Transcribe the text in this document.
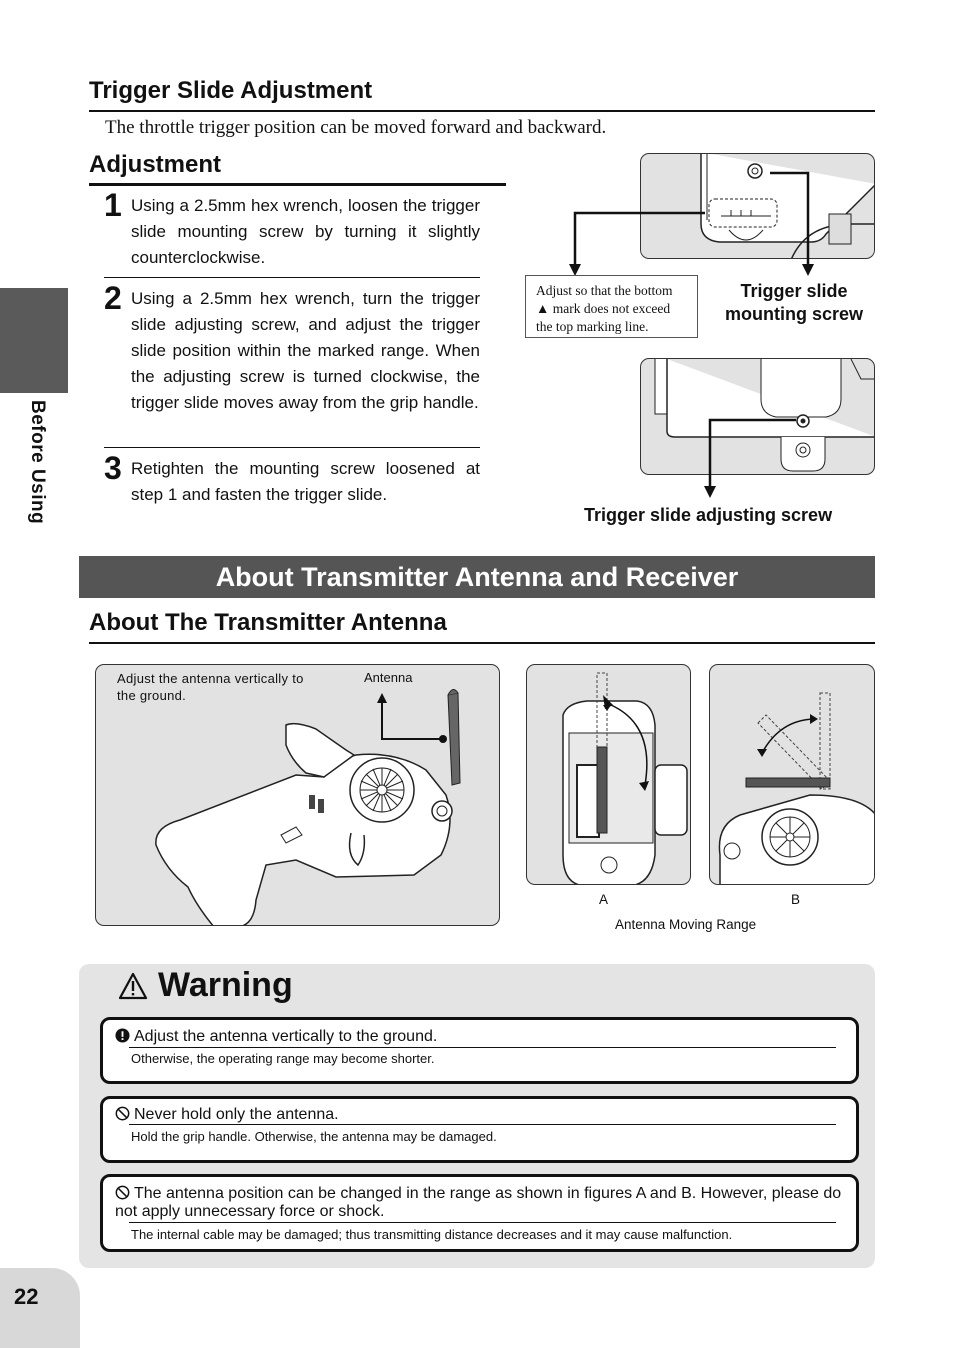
Before Using
Trigger Slide Adjustment

The throttle trigger position can be moved forward and backward.

Adjustment
1 Using a 2.5mm hex wrench, loosen the trigger slide mounting screw by turning it slightly counterclockwise.
2 Using a 2.5mm hex wrench, turn the trigger slide adjusting screw, and adjust the trigger slide position within the marked range. When the adjusting screw is turned clockwise, the trigger slide moves away from the grip handle.
3 Retighten the mounting screw loosened at step 1 and fasten the trigger slide.
Adjust so that the bottom ▲ mark does not exceed the top marking line.
Trigger slide mounting screw
Trigger slide adjusting screw
About Transmitter Antenna and Receiver
About The Transmitter Antenna
Adjust the antenna vertically to the ground.
Antenna
A	B
Antenna Moving Range
Warning
Adjust the antenna vertically to the ground.
Otherwise, the operating range may become shorter.
Never hold only the antenna.
Hold the grip handle. Otherwise, the antenna may be damaged.
The antenna position can be changed in the range as shown in figures A and B. However, please do not apply unnecessary force or shock.
The internal cable may be damaged; thus transmitting distance decreases and it may cause malfunction.
22
